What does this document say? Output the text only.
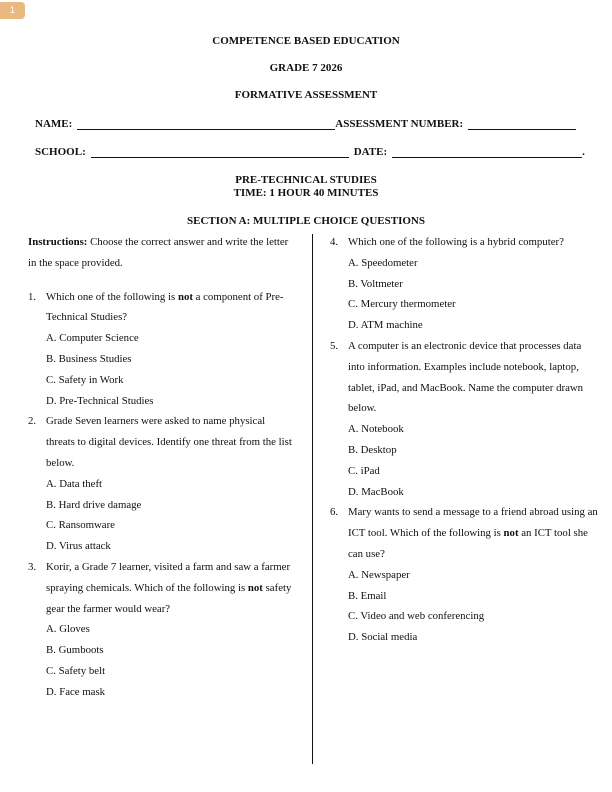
1
COMPETENCE BASED EDUCATION
GRADE 7 2026
FORMATIVE ASSESSMENT
NAME:	ASSESSMENT NUMBER:
SCHOOL:	DATE:	.
PRE-TECHNICAL STUDIES
TIME: 1 HOUR 40 MINUTES
SECTION A: MULTIPLE CHOICE QUESTIONS
Instructions: Choose the correct answer and write the letter in the space provided.
1. Which one of the following is not a component of Pre-Technical Studies?
A. Computer Science
B. Business Studies
C. Safety in Work
D. Pre-Technical Studies
2. Grade Seven learners were asked to name physical threats to digital devices. Identify one threat from the list below.
A. Data theft
B. Hard drive damage
C. Ransomware
D. Virus attack
3. Korir, a Grade 7 learner, visited a farm and saw a farmer spraying chemicals. Which of the following is not safety gear the farmer would wear?
A. Gloves
B. Gumboots
C. Safety belt
D. Face mask
4. Which one of the following is a hybrid computer?
A. Speedometer
B. Voltmeter
C. Mercury thermometer
D. ATM machine
5. A computer is an electronic device that processes data into information. Examples include notebook, laptop, tablet, iPad, and MacBook. Name the computer drawn below.
A. Notebook
B. Desktop
C. iPad
D. MacBook
6. Mary wants to send a message to a friend abroad using an ICT tool. Which of the following is not an ICT tool she can use?
A. Newspaper
B. Email
C. Video and web conferencing
D. Social media
